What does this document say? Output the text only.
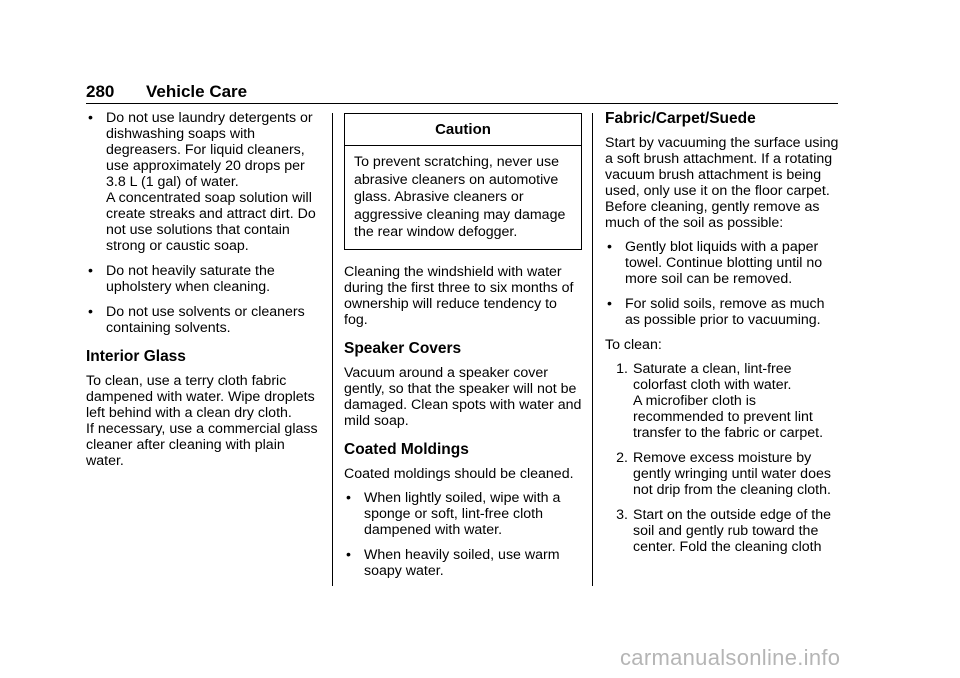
280 Vehicle Care
• Do not use laundry detergents or dishwashing soaps with degreasers. For liquid cleaners, use approximately 20 drops per 3.8 L (1 gal) of water.
A concentrated soap solution will create streaks and attract dirt. Do not use solutions that contain strong or caustic soap.
• Do not heavily saturate the upholstery when cleaning.
• Do not use solvents or cleaners containing solvents.
Interior Glass

To clean, use a terry cloth fabric dampened with water. Wipe droplets left behind with a clean dry cloth.
If necessary, use a commercial glass cleaner after cleaning with plain water.

Caution
To prevent scratching, never use abrasive cleaners on automotive glass. Abrasive cleaners or aggressive cleaning may damage the rear window defogger.

Cleaning the windshield with water during the first three to six months of ownership will reduce tendency to fog.

Speaker Covers

Vacuum around a speaker cover gently, so that the speaker will not be damaged. Clean spots with water and mild soap.

Coated Moldings

Coated moldings should be cleaned.

• When lightly soiled, wipe with a sponge or soft, lint-free cloth dampened with water.
• When heavily soiled, use warm soapy water.
Fabric/Carpet/Suede

Start by vacuuming the surface using a soft brush attachment. If a rotating vacuum brush attachment is being used, only use it on the floor carpet. Before cleaning, gently remove as much of the soil as possible:

• Gently blot liquids with a paper towel. Continue blotting until no more soil can be removed.
• For solid soils, remove as much as possible prior to vacuuming.

To clean:

1. Saturate a clean, lint-free colorfast cloth with water.
A microfiber cloth is recommended to prevent lint transfer to the fabric or carpet.
2. Remove excess moisture by gently wringing until water does not drip from the cleaning cloth.
3. Start on the outside edge of the soil and gently rub toward the center. Fold the cleaning cloth
carmanualsonline.info
